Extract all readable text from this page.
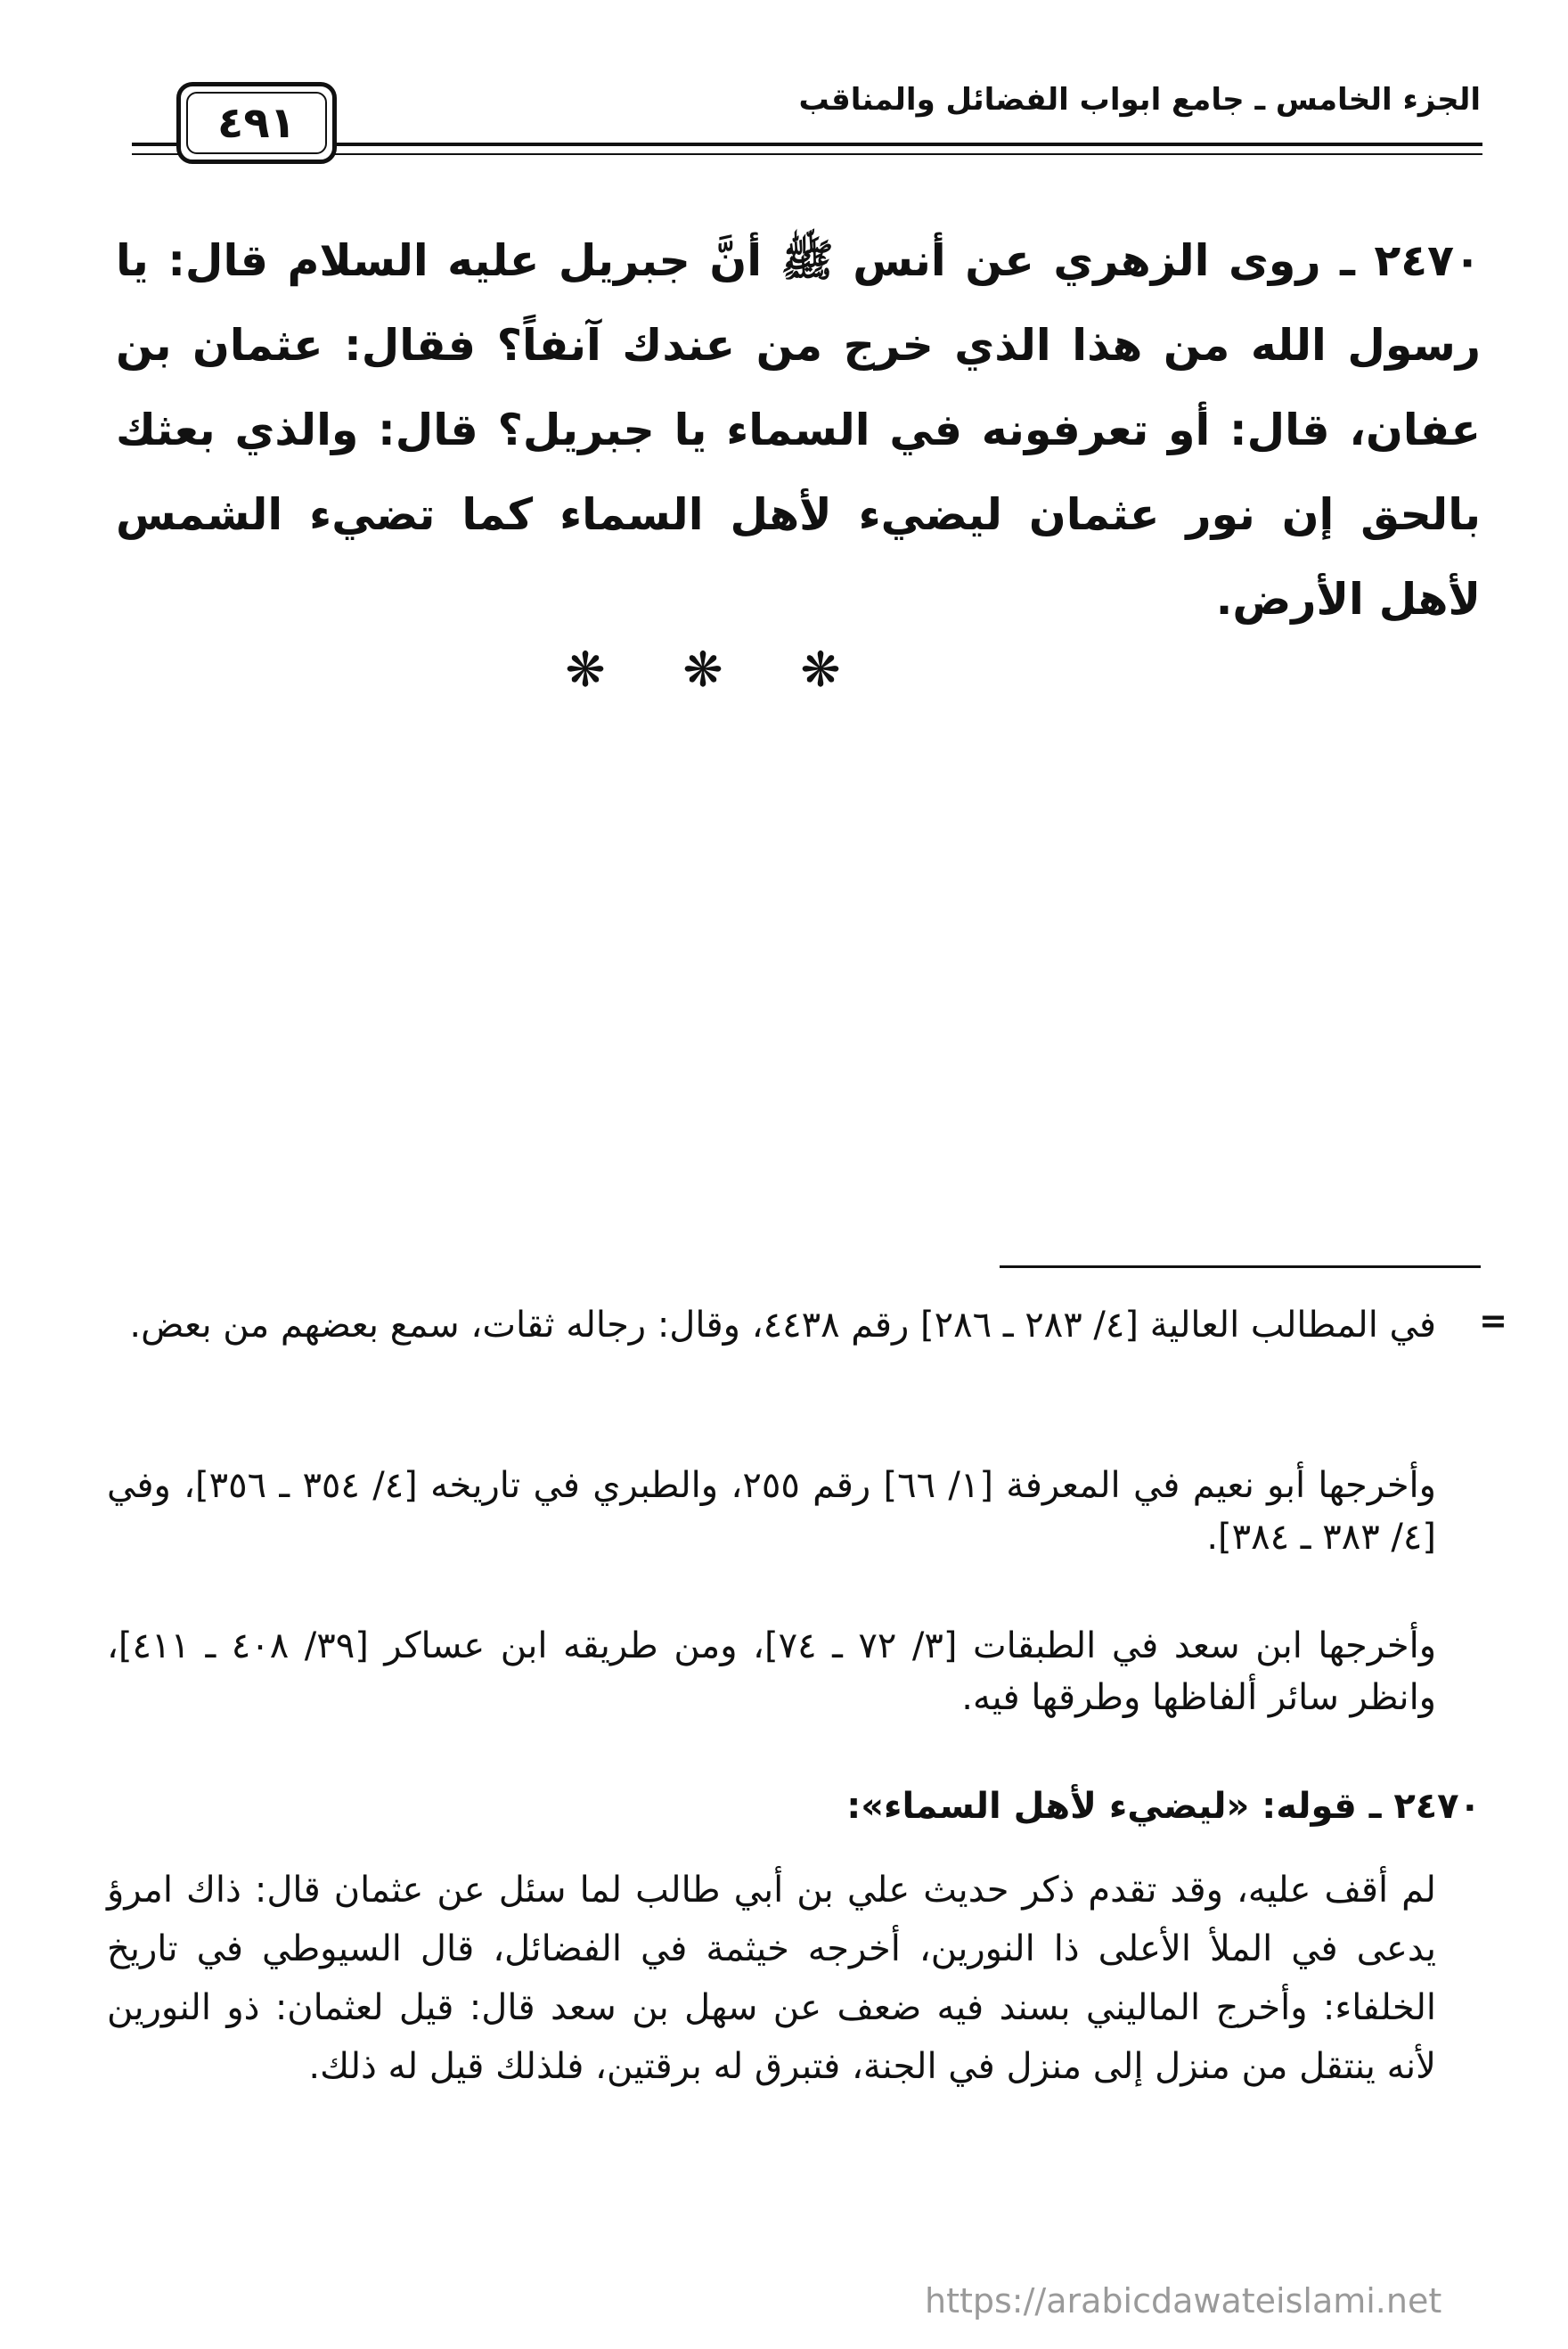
الجزء الخامس ـ جامع ابواب الفضائل والمناقب
٤٩١
٢٤٧٠ ـ روى الزهري عن أنس ﷺ أنَّ جبريل عليه السلام قال: يا رسول الله من هذا الذي خرج من عندك آنفاً؟ فقال: عثمان بن عفان، قال: أو تعرفونه في السماء يا جبريل؟ قال: والذي بعثك بالحق إن نور عثمان ليضيء لأهل السماء كما تضيء الشمس لأهل الأرض.
❋ ❋ ❋
=
في المطالب العالية [٤/ ٢٨٣ ـ ٢٨٦] رقم ٤٤٣٨، وقال: رجاله ثقات، سمع بعضهم من بعض.
وأخرجها أبو نعيم في المعرفة [١/ ٦٦] رقم ٢٥٥، والطبري في تاريخه [٤/ ٣٥٤ ـ ٣٥٦]، وفي [٤/ ٣٨٣ ـ ٣٨٤].
وأخرجها ابن سعد في الطبقات [٣/ ٧٢ ـ ٧٤]، ومن طريقه ابن عساكر [٣٩/ ٤٠٨ ـ ٤١١]، وانظر سائر ألفاظها وطرقها فيه.
٢٤٧٠ ـ قوله: «ليضيء لأهل السماء»:
لم أقف عليه، وقد تقدم ذكر حديث علي بن أبي طالب لما سئل عن عثمان قال: ذاك امرؤ يدعى في الملأ الأعلى ذا النورين، أخرجه خيثمة في الفضائل، قال السيوطي في تاريخ الخلفاء: وأخرج الماليني بسند فيه ضعف عن سهل بن سعد قال: قيل لعثمان: ذو النورين لأنه ينتقل من منزل إلى منزل في الجنة، فتبرق له برقتين، فلذلك قيل له ذلك.
https://arabicdawateislami.net
